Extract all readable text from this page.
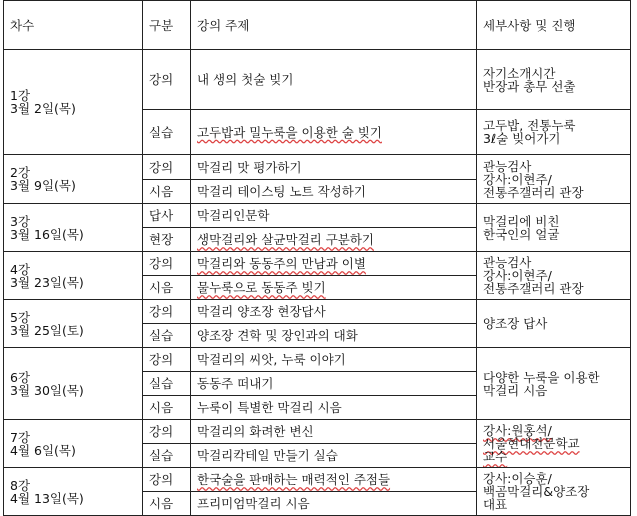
차수	구분	강의 주제	세부사항 및 진행
1강
3월 2일(목)	강의	내 생의 첫술 빚기	자기소개시간
반장과 총무 선출
	실습	고두밥과 밀누룩을 이용한 술 빚기	고두밥, 전통누룩
3ℓ술 빚어가기
2강
3월 9일(목)	강의	막걸리 맛 평가하기	관능검사
강사:이현주/
전통주갤러리 관장
	시음	막걸리 테이스팅 노트 작성하기	
3강
3월 16일(목)	답사	막걸리인문학	막걸리에 비친
한국인의 얼굴
	현장	생막걸리와 살균막걸리 구분하기	
4강
3월 23일(목)	강의	막걸리와 동동주의 만남과 이별	관능검사
강사:이현주/
전통주갤러리 관장
	시음	물누룩으로 동동주 빚기	
5강
3월 25일(토)	강의	막걸리 양조장 현장답사	양조장 답사
	실습	양조장 견학 및 장인과의 대화	
6강
3월 30일(목)	강의	막걸리의 씨앗, 누룩 이야기	다양한 누룩을 이용한
막걸리 시음
	실습	동동주 떠내기	
	시음	누룩이 특별한 막걸리 시음	
7강
4월 6일(목)	강의	막걸리의 화려한 변신	강사:원홍석/
서울현대전문학교
교수
	실습	막걸리칵테일 만들기 실습	
8강
4월 13일(목)	강의	한국술을 판매하는 매력적인 주점들	강사:이승훈/
백곰막걸리&양조장
대표
	시음	프리미엄막걸리 시음	
